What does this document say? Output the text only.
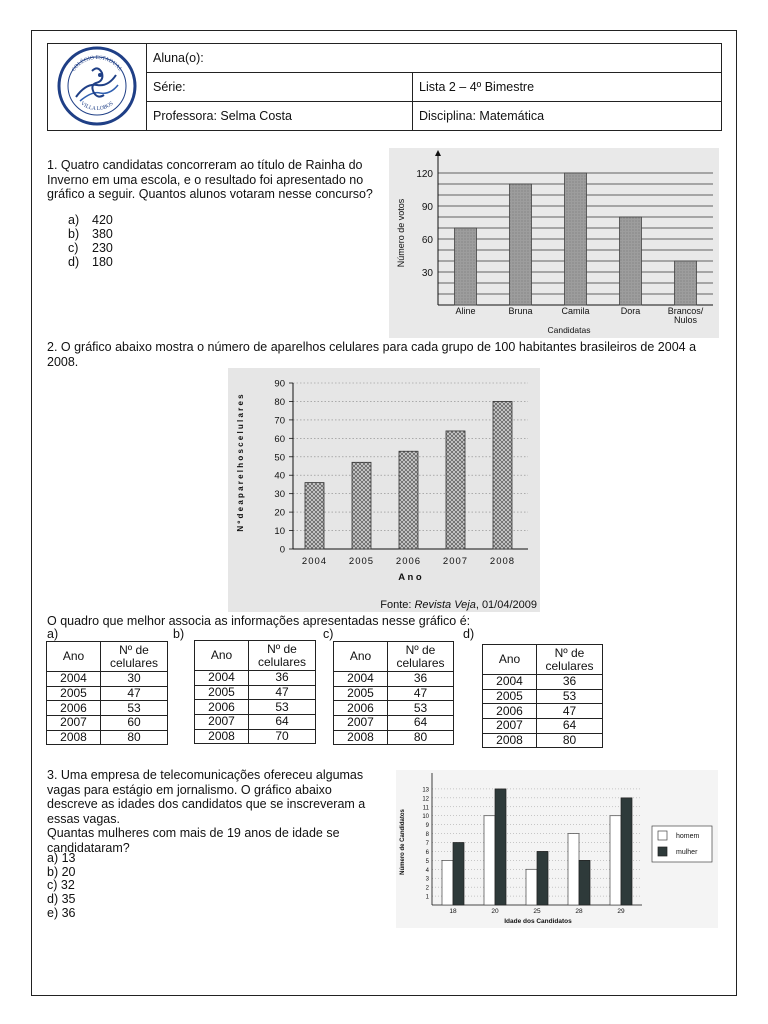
COLÉGIO ESTADUAL
VILLA LOBOS	Aluna(o):	
	Série:	Lista 2 – 4º Bimestre
	Professora: Selma Costa	Disciplina: Matemática
1. Quatro candidatas concorreram ao título de Rainha do
Inverno em uma escola, e o resultado foi apresentado no
gráfico a seguir. Quantos alunos votaram nesse concurso?
a) 420
b) 380
c) 230
d) 180
30
60
90
120
Aline	Bruna	Camila	Dora	Brancos/
Nulos
Candidatas
Número de votos
2. O gráfico abaixo mostra o número de aparelhos celulares para cada grupo de 100 habitantes brasileiros de 2004 a
2008.
0
10
20
30
40
50
60
70
80
90
2004 2005 2006 2007 2008
A n o
N º d e a p a r e l h o s c e l u l a r e s
Fonte: Revista Veja, 01/04/2009
O quadro que melhor associa as informações apresentadas nesse gráfico é:
a)
Ano	Nº de
celulares
2004	30
2005	47
2006	53
2007	60
2008	80
b)
Ano	Nº de
celulares
2004	36
2005	47
2006	53
2007	64
2008	70
c)
Ano	Nº de
celulares
2004	36
2005	47
2006	53
2007	64
2008	80
d)
Ano	Nº de
celulares
2004	36
2005	53
2006	47
2007	64
2008	80
3. Uma empresa de telecomunicações ofereceu algumas
vagas para estágio em jornalismo. O gráfico abaixo
descreve as idades dos candidatos que se inscreveram a
essas vagas.
Quantas mulheres com mais de 19 anos de idade se
candidataram?
a) 13
b) 20
c) 32
d) 35
e) 36
1
2
3
4
5
6
7
8
9
10
11
12
13
18	20	25	28	29
Idade dos Candidatos
Número de Candidatos	homem
mulher
